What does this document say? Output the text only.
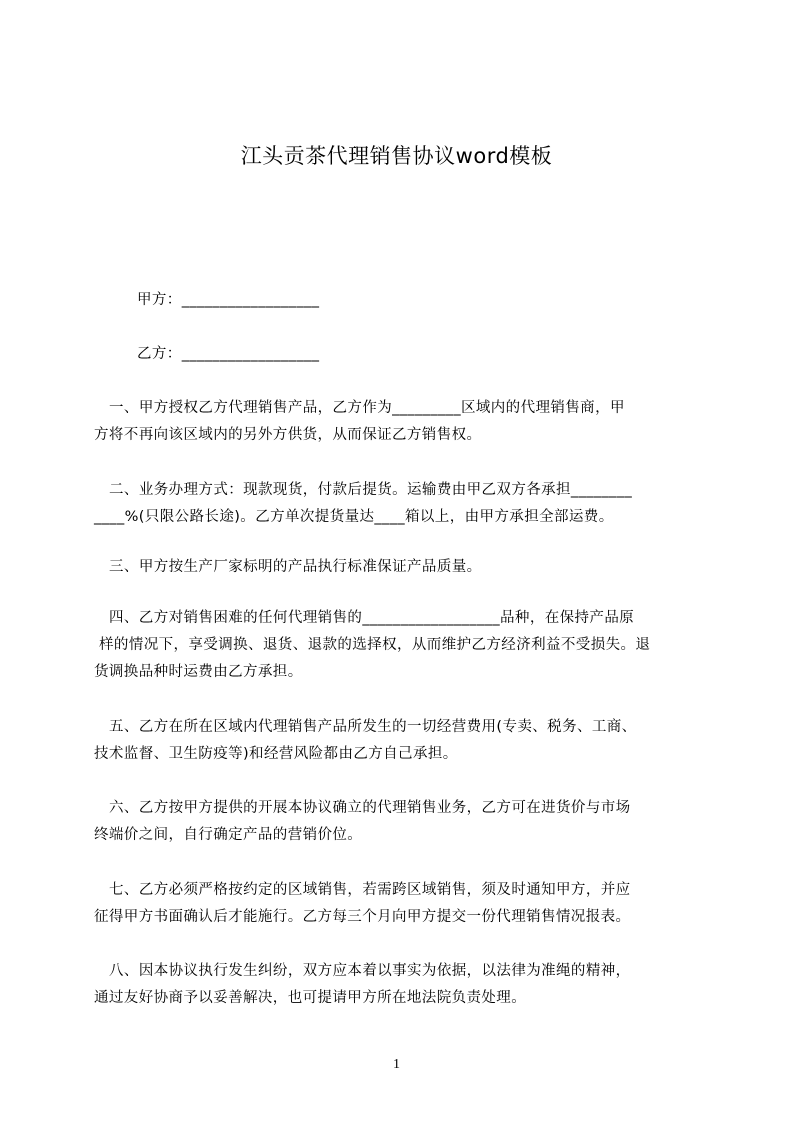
江头贡茶代理销售协议word模板
甲方：__________________
乙方：__________________
一、甲方授权乙方代理销售产品，乙方作为_________区域内的代理销售商，甲
方将不再向该区域内的另外方供货，从而保证乙方销售权。
二、业务办理方式：现款现货，付款后提货。运输费由甲乙双方各承担________
____%(只限公路长途)。乙方单次提货量达____箱以上，由甲方承担全部运费。
三、甲方按生产厂家标明的产品执行标准保证产品质量。
四、乙方对销售困难的任何代理销售的__________________品种，在保持产品原
样的情况下，享受调换、退货、退款的选择权，从而维护乙方经济利益不受损失。退
货调换品种时运费由乙方承担。
五、乙方在所在区域内代理销售产品所发生的一切经营费用(专卖、税务、工商、
技术监督、卫生防疫等)和经营风险都由乙方自己承担。
六、乙方按甲方提供的开展本协议确立的代理销售业务，乙方可在进货价与市场
终端价之间，自行确定产品的营销价位。
七、乙方必须严格按约定的区域销售，若需跨区域销售，须及时通知甲方，并应
征得甲方书面确认后才能施行。乙方每三个月向甲方提交一份代理销售情况报表。
八、因本协议执行发生纠纷，双方应本着以事实为依据，以法律为准绳的精神，
通过友好协商予以妥善解决，也可提请甲方所在地法院负责处理。
1
